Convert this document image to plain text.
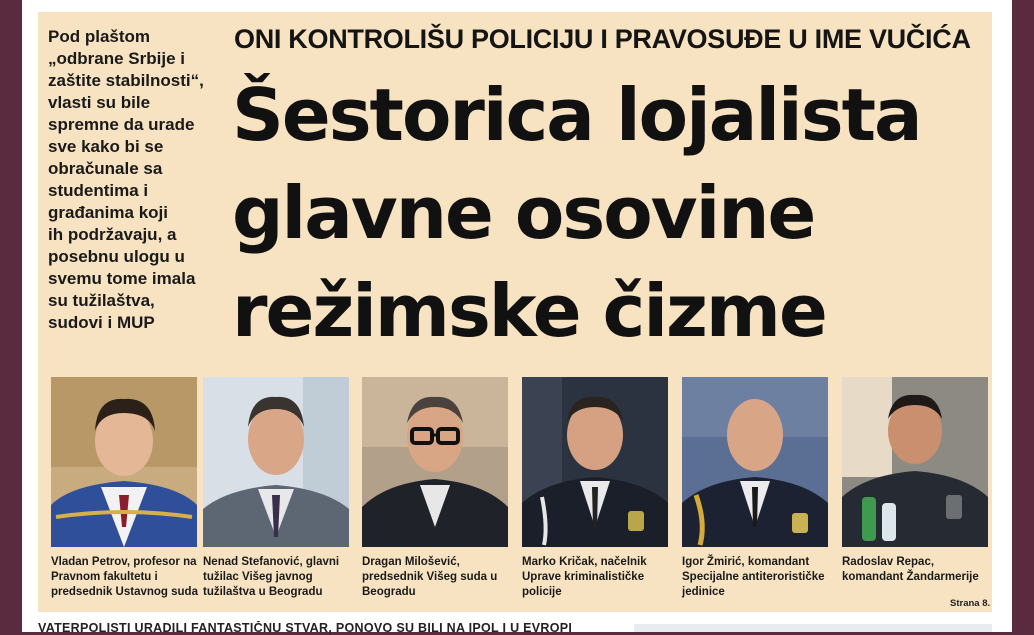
Pod plaštom
„odbrane Srbije i
zaštite stabilnosti“,
vlasti su bile
spremne da urade
sve kako bi se
obračunale sa
studentima i
građanima koji
ih podržavaju, a
posebnu ulogu u
svemu tome imala
su tužilaštva,
sudovi i MUP
ONI KONTROLIŠU POLICIJU I PRAVOSUĐE U IME VUČIĆA
Šestorica lojalista
glavne osovine
režimske čizme
Vladan Petrov, profesor na Pravnom fakultetu i predsednik Ustavnog suda
Nenad Stefanović, glavni tužilac Višeg javnog tužilaštva u Beogradu
Dragan Milošević, predsednik Višeg suda u Beogradu
Marko Kričak, načelnik Uprave kriminalističke policije
Igor Žmirić, komandant Specijalne antiterorističke jedinice
Radoslav Repac, komandant Žandarmerije
Strana 8.
VATERPOLISTI URADILI FANTASTIČNU STVAR, PONOVO SU BILI NA IPOL I U EVROPI
